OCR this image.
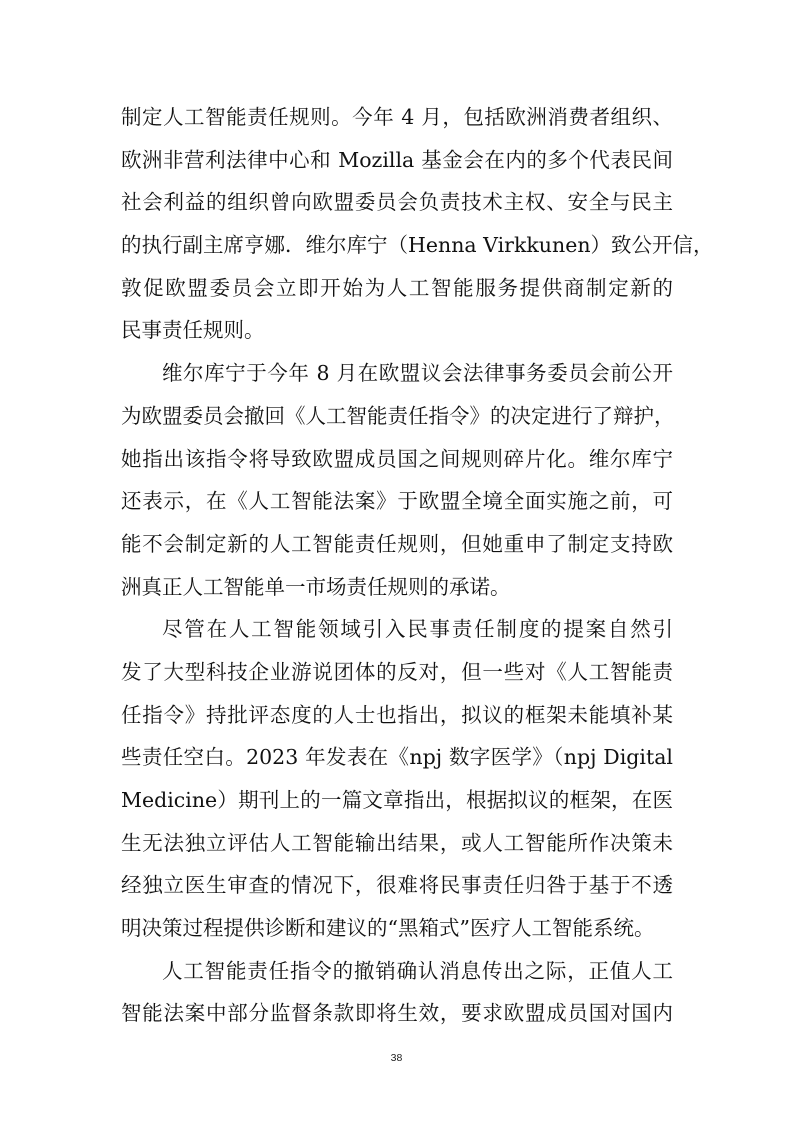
制定人工智能责任规则。今年 4 月，包括欧洲消费者组织、
欧洲非营利法律中心和 Mozilla 基金会在内的多个代表民间
社会利益的组织曾向欧盟委员会负责技术主权、安全与民主
的执行副主席亨娜．维尔库宁（Henna Virkkunen）致公开信，
敦促欧盟委员会立即开始为人工智能服务提供商制定新的
民事责任规则。
维尔库宁于今年 8 月在欧盟议会法律事务委员会前公开
为欧盟委员会撤回《人工智能责任指令》的决定进行了辩护，
她指出该指令将导致欧盟成员国之间规则碎片化。维尔库宁
还表示，在《人工智能法案》于欧盟全境全面实施之前，可
能不会制定新的人工智能责任规则，但她重申了制定支持欧
洲真正人工智能单一市场责任规则的承诺。
尽管在人工智能领域引入民事责任制度的提案自然引
发了大型科技企业游说团体的反对，但一些对《人工智能责
任指令》持批评态度的人士也指出，拟议的框架未能填补某
些责任空白。2023 年发表在《npj 数字医学》（npj Digital
Medicine）期刊上的一篇文章指出，根据拟议的框架，在医
生无法独立评估人工智能输出结果，或人工智能所作决策未
经独立医生审查的情况下，很难将民事责任归咎于基于不透
明决策过程提供诊断和建议的“黑箱式”医疗人工智能系统。
人工智能责任指令的撤销确认消息传出之际，正值人工
智能法案中部分监督条款即将生效，要求欧盟成员国对国内
38
